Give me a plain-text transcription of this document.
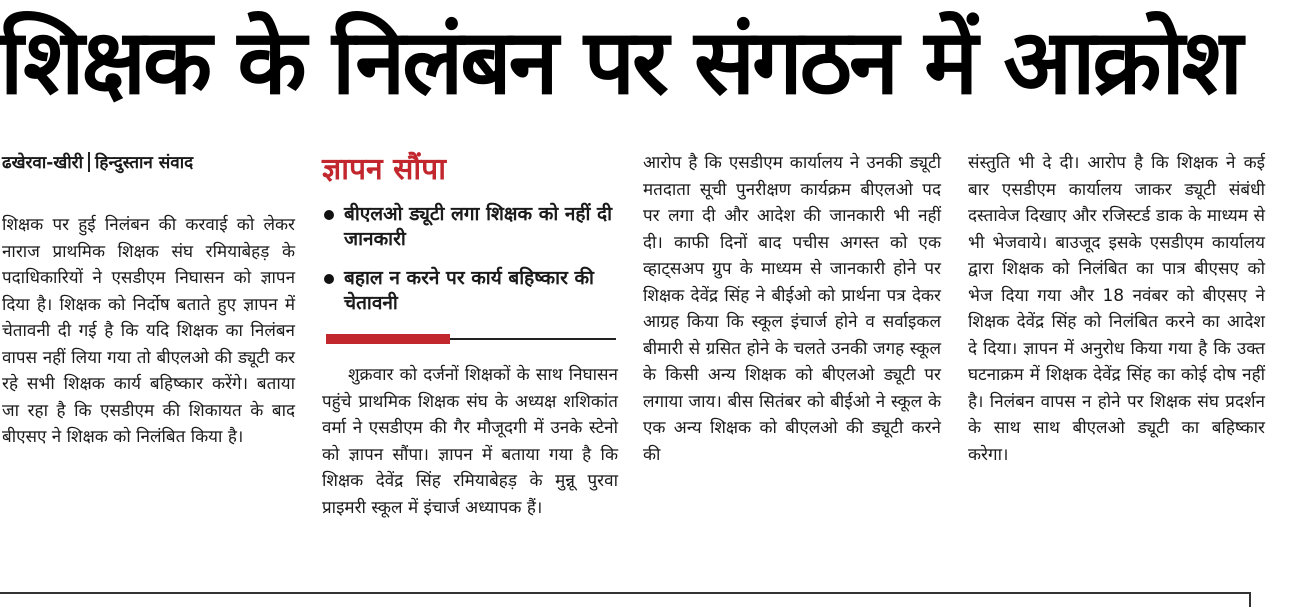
शिक्षक के निलंबन पर संगठन में आक्रोश
ढखेरवा-खीरी हिन्दुस्तान संवाद

शिक्षक पर हुई निलंबन की करवाई को लेकर नाराज प्राथमिक शिक्षक संघ रमियाबेहड़ के पदाधिकारियों ने एसडीएम निघासन को ज्ञापन दिया है। शिक्षक को निर्दोष बताते हुए ज्ञापन में चेतावनी दी गई है कि यदि शिक्षक का निलंबन वापस नहीं लिया गया तो बीएलओ की ड्यूटी कर रहे सभी शिक्षक कार्य बहिष्कार करेंगे। बताया जा रहा है कि एसडीएम की शिकायत के बाद बीएसए ने शिक्षक को निलंबित किया है।

ज्ञापन सौंपा
बीएलओ ड्यूटी लगा शिक्षक को नहीं दी जानकारी
बहाल न करने पर कार्य बहिष्कार की चेतावनी

शुक्रवार को दर्जनों शिक्षकों के साथ निघासन पहुंचे प्राथमिक शिक्षक संघ के अध्यक्ष शशिकांत वर्मा ने एसडीएम की गैर मौजूदगी में उनके स्टेनो को ज्ञापन सौंपा। ज्ञापन में बताया गया है कि शिक्षक देवेंद्र सिंह रमियाबेहड़ के मुन्नू पुरवा प्राइमरी स्कूल में इंचार्ज अध्यापक हैं।

आरोप है कि एसडीएम कार्यालय ने उनकी ड्यूटी मतदाता सूची पुनरीक्षण कार्यक्रम बीएलओ पद पर लगा दी और आदेश की जानकारी भी नहीं दी। काफी दिनों बाद पचीस अगस्त को एक व्हाट्सअप ग्रुप के माध्यम से जानकारी होने पर शिक्षक देवेंद्र सिंह ने बीईओ को प्रार्थना पत्र देकर आग्रह किया कि स्कूल इंचार्ज होने व सर्वाइकल बीमारी से ग्रसित होने के चलते उनकी जगह स्कूल के किसी अन्य शिक्षक को बीएलओ ड्यूटी पर लगाया जाय। बीस सितंबर को बीईओ ने स्कूल के एक अन्य शिक्षक को बीएलओ की ड्यूटी करने की

संस्तुति भी दे दी। आरोप है कि शिक्षक ने कई बार एसडीएम कार्यालय जाकर ड्यूटी संबंधी दस्तावेज दिखाए और रजिस्टर्ड डाक के माध्यम से भी भेजवाये। बाउजूद इसके एसडीएम कार्यालय द्वारा शिक्षक को निलंबित का पात्र बीएसए को भेज दिया गया और 18 नवंबर को बीएसए ने शिक्षक देवेंद्र सिंह को निलंबित करने का आदेश दे दिया। ज्ञापन में अनुरोध किया गया है कि उक्त घटनाक्रम में शिक्षक देवेंद्र सिंह का कोई दोष नहीं है। निलंबन वापस न होने पर शिक्षक संघ प्रदर्शन के साथ साथ बीएलओ ड्यूटी का बहिष्कार करेगा।
